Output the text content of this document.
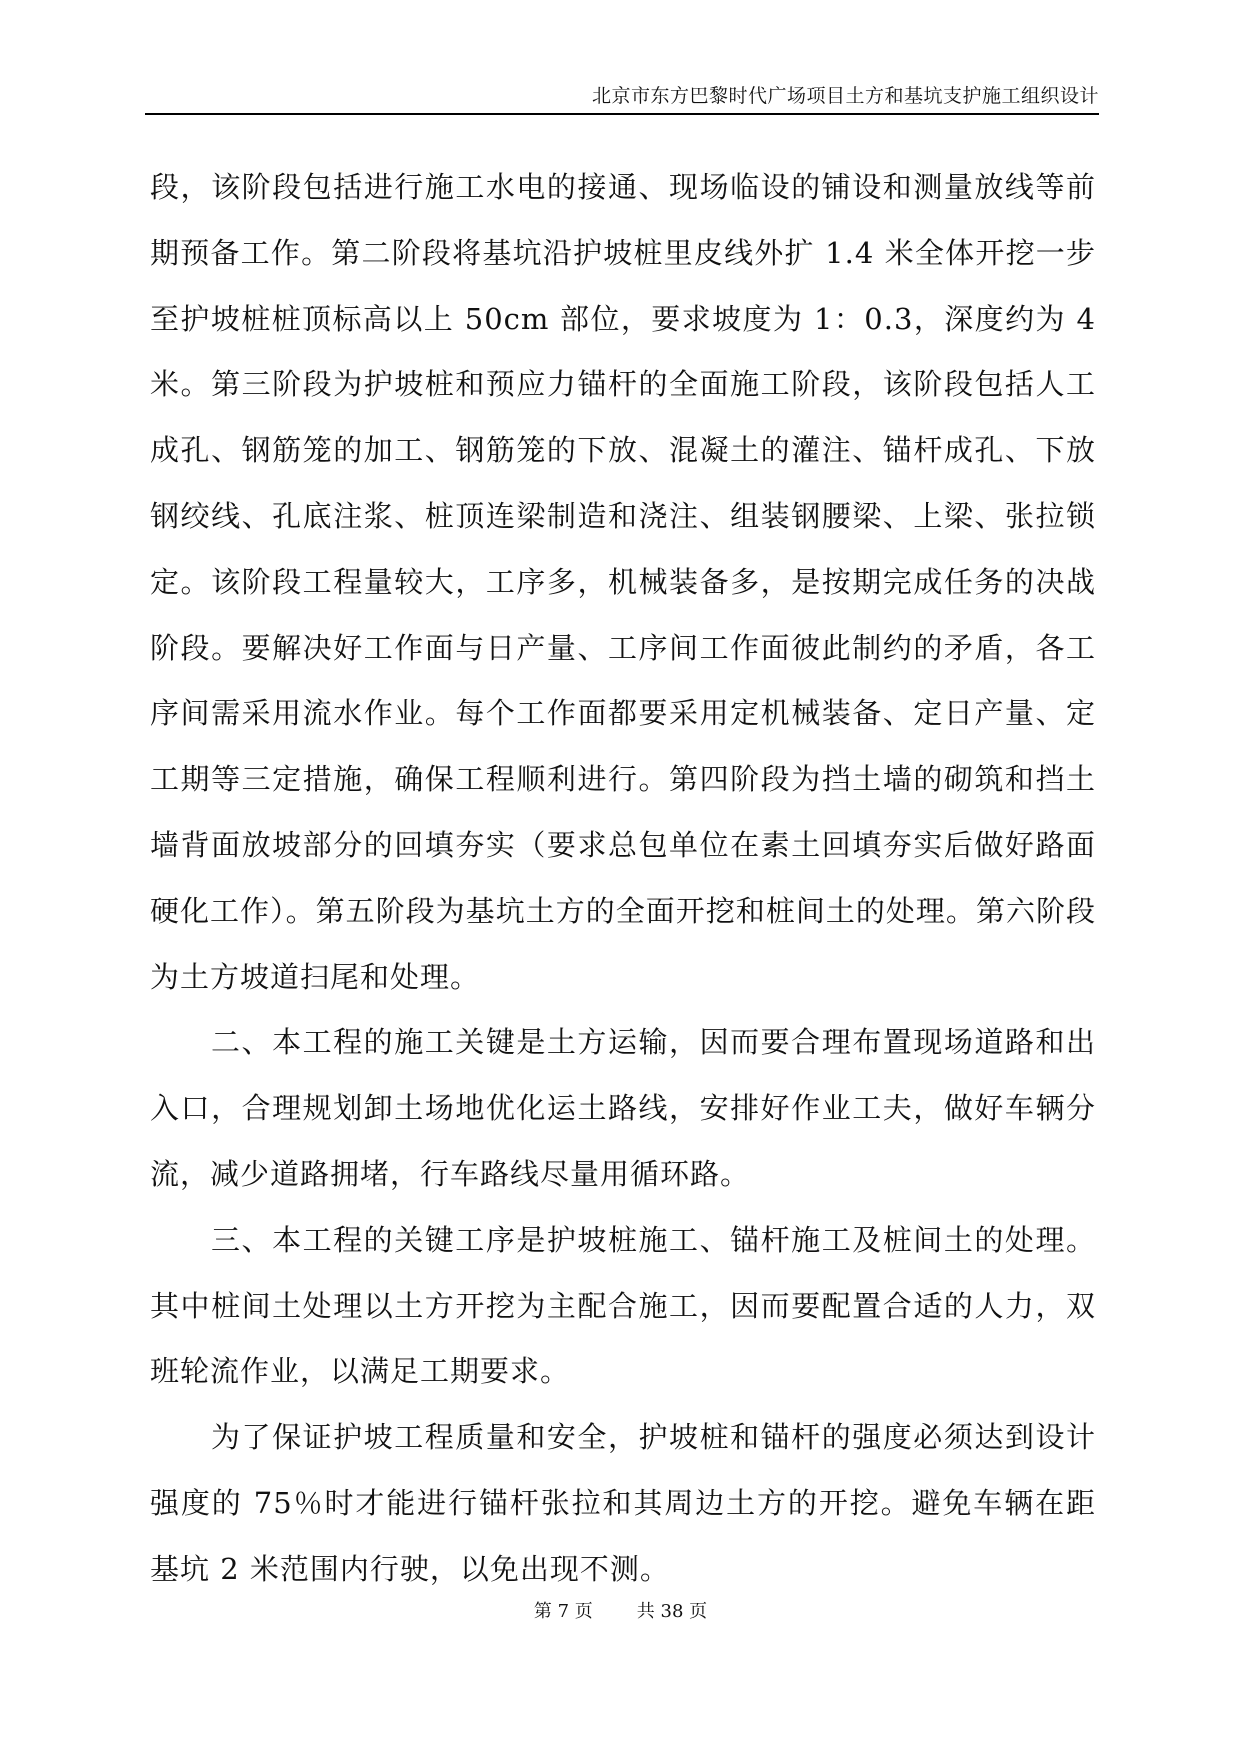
北京市东方巴黎时代广场项目土方和基坑支护施工组织设计

段，该阶段包括进行施工水电的接通、现场临设的铺设和测量放线等前期预备工作。第二阶段将基坑沿护坡桩里皮线外扩 1.4 米全体开挖一步至护坡桩桩顶标高以上 50cm 部位，要求坡度为 1：0.3，深度约为 4 米。第三阶段为护坡桩和预应力锚杆的全面施工阶段，该阶段包括人工成孔、钢筋笼的加工、钢筋笼的下放、混凝土的灌注、锚杆成孔、下放钢绞线、孔底注浆、桩顶连梁制造和浇注、组装钢腰梁、上梁、张拉锁定。该阶段工程量较大，工序多，机械装备多，是按期完成任务的决战阶段。要解决好工作面与日产量、工序间工作面彼此制约的矛盾，各工序间需采用流水作业。每个工作面都要采用定机械装备、定日产量、定工期等三定措施，确保工程顺利进行。第四阶段为挡土墙的砌筑和挡土墙背面放坡部分的回填夯实（要求总包单位在素土回填夯实后做好路面硬化工作）。第五阶段为基坑土方的全面开挖和桩间土的处理。第六阶段为土方坡道扫尾和处理。

二、本工程的施工关键是土方运输，因而要合理布置现场道路和出入口，合理规划卸土场地优化运土路线，安排好作业工夫，做好车辆分流，减少道路拥堵，行车路线尽量用循环路。

三、本工程的关键工序是护坡桩施工、锚杆施工及桩间土的处理。其中桩间土处理以土方开挖为主配合施工，因而要配置合适的人力，双班轮流作业，以满足工期要求。

为了保证护坡工程质量和安全，护坡桩和锚杆的强度必须达到设计强度的 75％时才能进行锚杆张拉和其周边土方的开挖。避免车辆在距基坑 2 米范围内行驶，以免出现不测。

第 7 页 共 38 页
